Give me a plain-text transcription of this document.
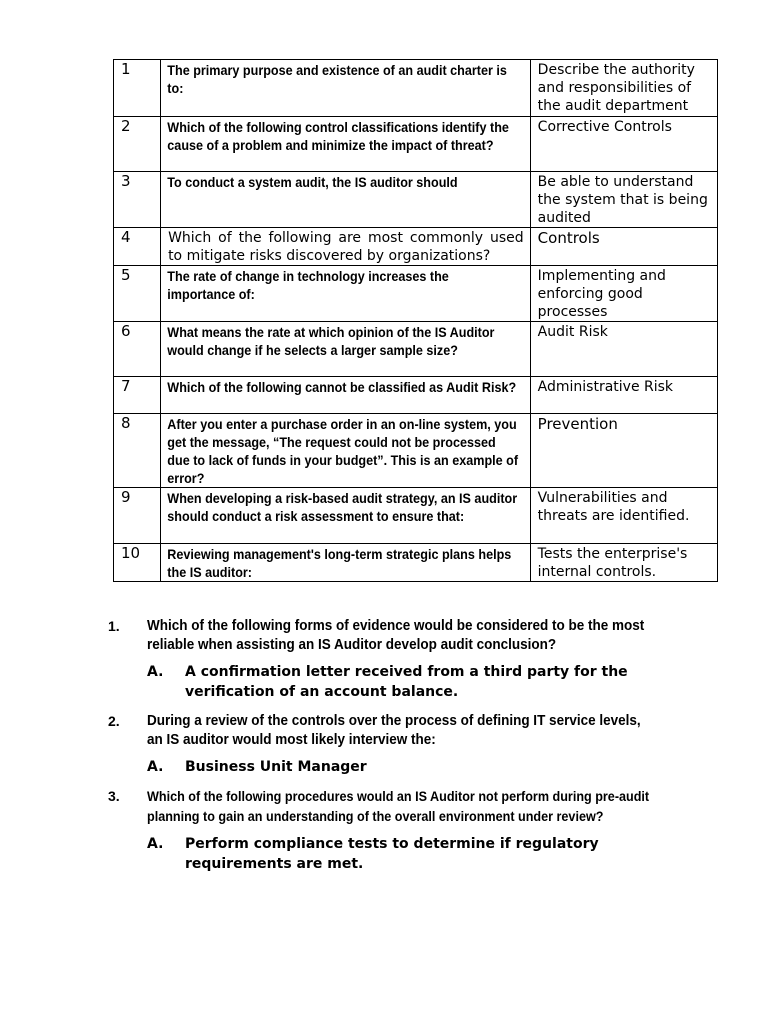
1	The primary purpose and existence of an audit charter is to:	Describe the authority and responsibilities of the audit department

2	Which of the following control classifications identify the cause of a problem and minimize the impact of threat?	Corrective Controls

3	To conduct a system audit, the IS auditor should	Be able to understand the system that is being audited

4	Which of the following are most commonly used to mitigate risks discovered by organizations?	Controls

5	The rate of change in technology increases the importance of:	Implementing and enforcing good processes

6	What means the rate at which opinion of the IS Auditor would change if he selects a larger sample size?	Audit Risk

7	Which of the following cannot be classified as Audit Risk?	Administrative Risk

8	After you enter a purchase order in an on-line system, you get the message, “The request could not be processed due to lack of funds in your budget”. This is an example of error?	Prevention

9	When developing a risk-based audit strategy, an IS auditor should conduct a risk assessment to ensure that:	Vulnerabilities and threats are identified.

10	Reviewing management's long-term strategic plans helps the IS auditor:	Tests the enterprise's internal controls.
1. Which of the following forms of evidence would be considered to be the most reliable when assisting an IS Auditor develop audit conclusion?
A. A confirmation letter received from a third party for the verification of an account balance.
2. During a review of the controls over the process of defining IT service levels, an IS auditor would most likely interview the:
A. Business Unit Manager
3. Which of the following procedures would an IS Auditor not perform during pre-audit planning to gain an understanding of the overall environment under review?
A. Perform compliance tests to determine if regulatory requirements are met.
